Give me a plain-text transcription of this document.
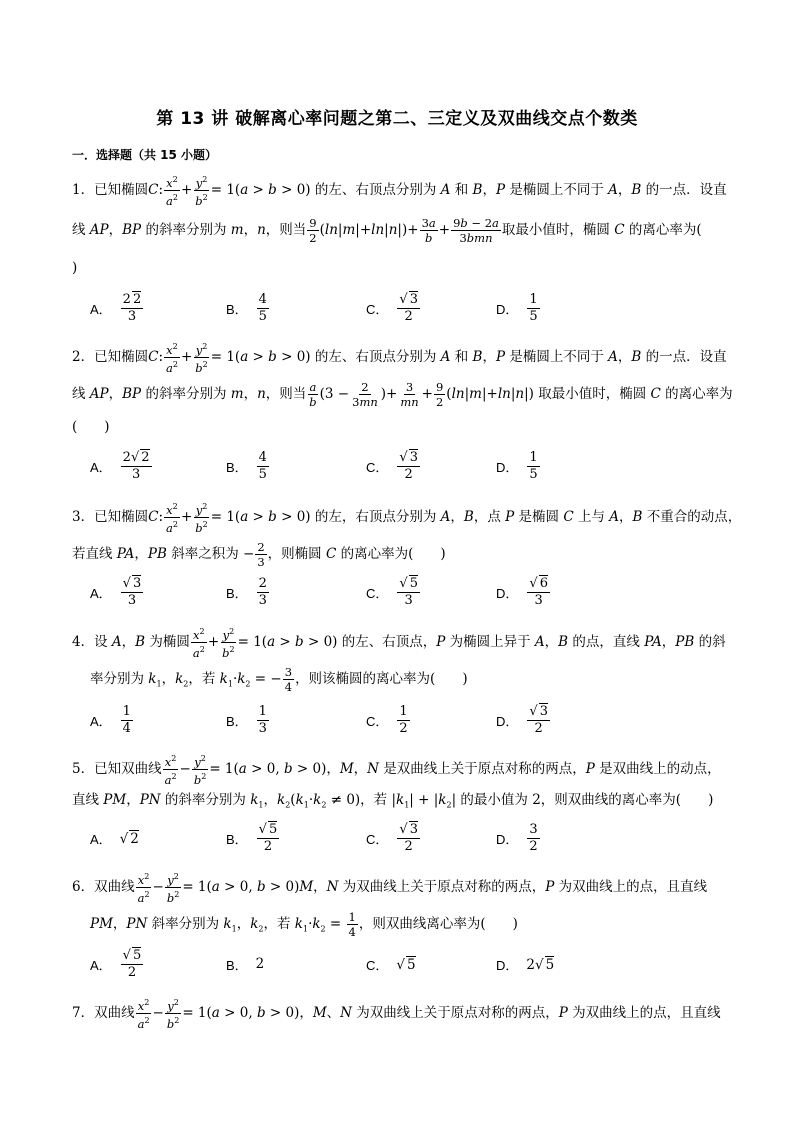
第 13 讲 破解离心率问题之第二、三定义及双曲线交点个数类
一．选择题（共 15 小题）
1．已知椭圆C: $\frac{x^2}{a^2} + \frac{y^2}{b^2} = 1(a > b > 0)$ 的左、右顶点分别为 A 和 B，P 是椭圆上不同于 A，B 的一点．设直
线 AP，BP 的斜率分别为 m，n，则当 $\frac{9}{2} (\ln|m|+\ln|n|)+ \frac{3a}{b} + \frac{9b - 2a}{\text{3bmn}}$ 取最小值时，椭圆 C 的离心率为(
)
A． $\frac{2 2}{3}$	B． $\frac{4}{5}$	C． $\frac{√ 3}{2}$	D． $\frac{1}{5}$
2．已知椭圆C: $\frac{x^2}{a^2} + \frac{y^2}{b^2} = 1(a > b > 0)$ 的左、右顶点分别为 A 和 B，P 是椭圆上不同于 A，B 的一点．设直
线 AP，BP 的斜率分别为 m，n，则当 $\frac{a}{b} (3 - \frac{2}{3mn}$ )+ $\frac{3}{mn} + \frac{9}{2} (\ln|m|+\ln|n|)$ 取最小值时，椭圆 C 的离心率为
(　　)
A． $\frac{2√ 2}{3}$	B． $\frac{4}{5}$	C． $\frac{√ 3}{2}$	D． $\frac{1}{5}$
3．已知椭圆C: $\frac{x^2}{a^2} + \frac{y^2}{b^2} = 1(a > b > 0)$ 的左，右顶点分别为 A，B，点 P 是椭圆 C 上与 A，B 不重合的动点，
若直线 PA，PB 斜率之积为 − $\frac{2}{3}$ ，则椭圆 C 的离心率为(　　)
A． $\frac{√ 3}{3}$	B． $\frac{2}{3}$	C． $\frac{√ 5}{3}$	D． $\frac{√ 6}{3}$
4．设 A，B 为椭圆 $\frac{x^2}{a^2} + \frac{y^2}{b^2} = 1(a > b > 0)$ 的左、右顶点，P 为椭圆上异于 A，B 的点，直线 PA，PB 的斜
率分别为 $k_1$，$k_2$，若 $k_1\cdot k_2$ = − $\frac{3}{4}$ ，则该椭圆的离心率为(　　)
A． $\frac{1}{4}$	B． $\frac{1}{3}$	C． $\frac{1}{2}$	D． $\frac{√ 3}{2}$
5．已知双曲线 $\frac{x^2}{a^2} - \frac{y^2}{b^2} = 1(a > 0$, b > 0)，M，N 是双曲线上关于原点对称的两点，P 是双曲线上的动点，
直线 PM，PN 的斜率分别为 $k_1$，$k_2(k_1\cdot k_2 \ne 0)$，若 $|k_1| + |k_2|$ 的最小值为 2，则双曲线的离心率为(　　)
A． √ 2	B． $\frac{√ 5}{2}$	C． $\frac{√ 3}{2}$	D． $\frac{3}{2}$
6．双曲线 $\frac{x^2}{a^2} - \frac{y^2}{b^2} = 1(a > 0$, b > 0)M，N 为双曲线上关于原点对称的两点，P 为双曲线上的点，且直线
PM，PN 斜率分别为 $k_1$，$k_2$，若 $k_1\cdot k_2 = \frac{1}{4}$ ，则双曲线离心率为(　　)
A． $\frac{√ 5}{2}$	B． 2	C． √ 5	D． 2√ 5
7．双曲线 $\frac{x^2}{a^2} - \frac{y^2}{b^2} = 1(a > 0$, b > 0)，M、N 为双曲线上关于原点对称的两点，P 为双曲线上的点，且直线
